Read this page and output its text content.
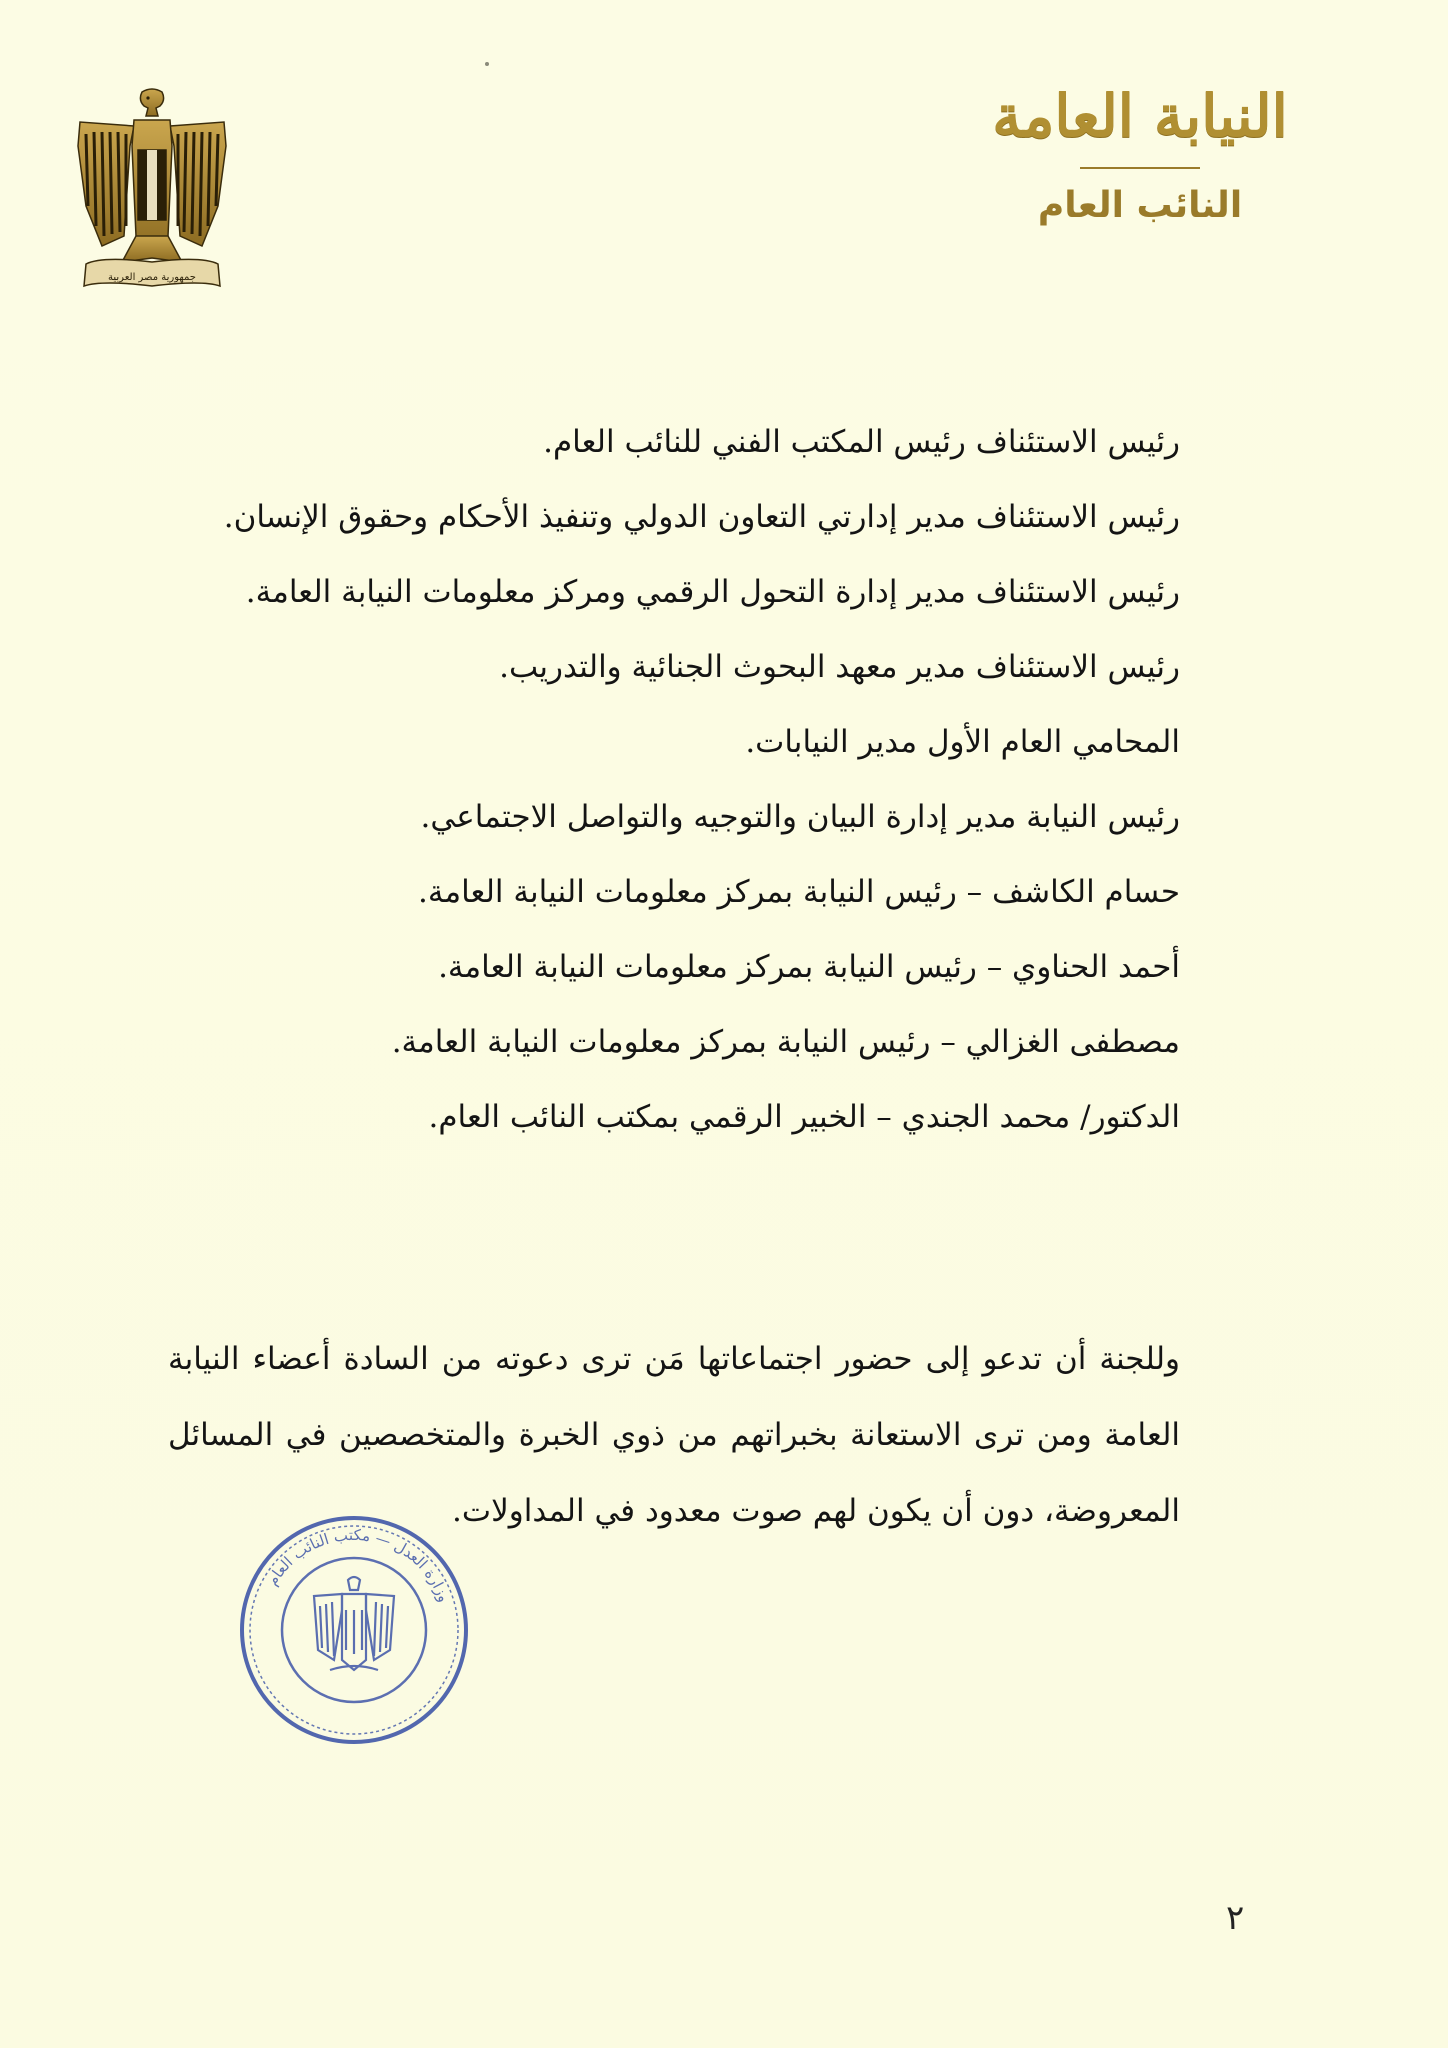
جمهورية مصر العربية
النيابة العامة
النائب العام
رئيس الاستئناف رئيس المكتب الفني للنائب العام.
رئيس الاستئناف مدير إدارتي التعاون الدولي وتنفيذ الأحكام وحقوق الإنسان.
رئيس الاستئناف مدير إدارة التحول الرقمي ومركز معلومات النيابة العامة.
رئيس الاستئناف مدير معهد البحوث الجنائية والتدريب.
المحامي العام الأول مدير النيابات.
رئيس النيابة مدير إدارة البيان والتوجيه والتواصل الاجتماعي.
حسام الكاشف – رئيس النيابة بمركز معلومات النيابة العامة.
أحمد الحناوي – رئيس النيابة بمركز معلومات النيابة العامة.
مصطفى الغزالي – رئيس النيابة بمركز معلومات النيابة العامة.
الدكتور/ محمد الجندي – الخبير الرقمي بمكتب النائب العام.

وللجنة أن تدعو إلى حضور اجتماعاتها مَن ترى دعوته من السادة أعضاء النيابة العامة ومن ترى الاستعانة بخبراتهم من ذوي الخبرة والمتخصصين في المسائل المعروضة، دون أن يكون لهم صوت معدود في المداولات.

وزارة العدل — مكتب النائب العام
٢
